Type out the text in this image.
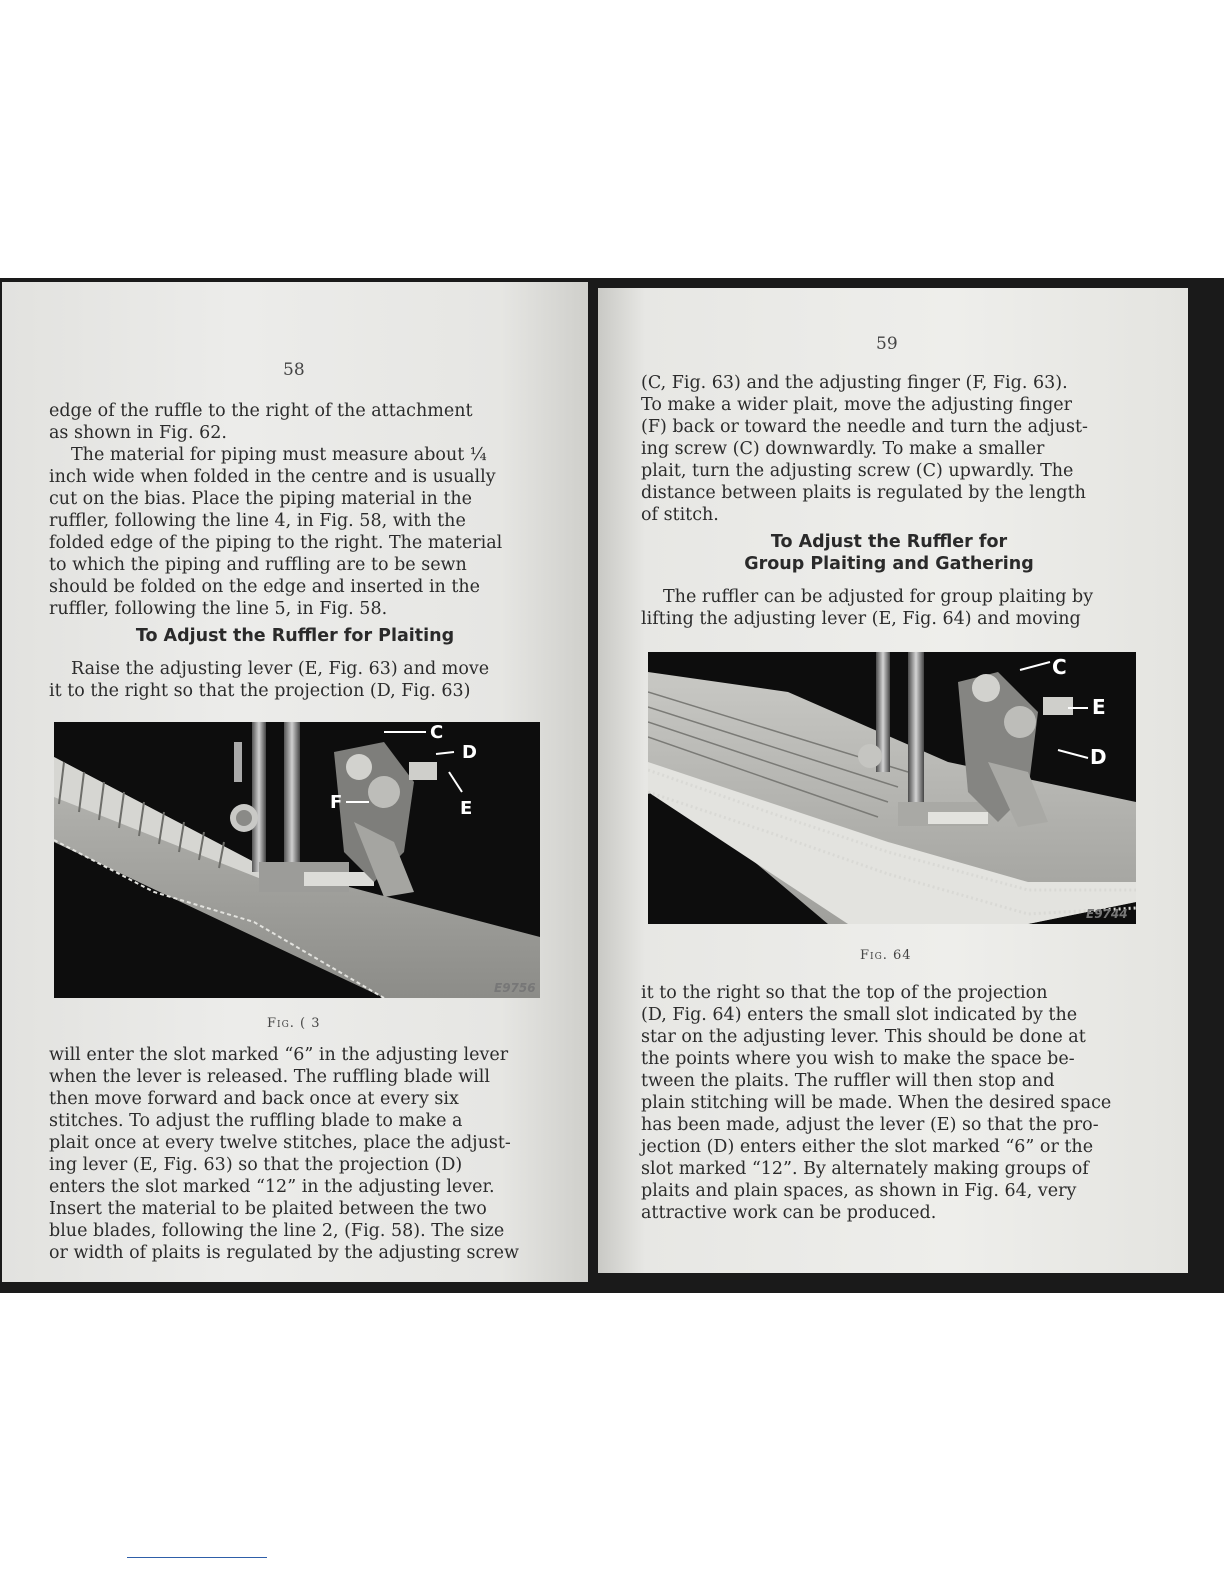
58

edge of the ruffle to the right of the attachment

as shown in Fig. 62.

The material for piping must measure about ¼

inch wide when folded in the centre and is usually

cut on the bias. Place the piping material in the

ruffler, following the line 4, in Fig. 58, with the

folded edge of the piping to the right. The material

to which the piping and ruffling are to be sewn

should be folded on the edge and inserted in the

ruffler, following the line 5, in Fig. 58.

To Adjust the Ruffler for Plaiting

Raise the adjusting lever (E, Fig. 63) and move

it to the right so that the projection (D, Fig. 63)

C
D
F	E
E9756
Fig. ( 3

will enter the slot marked “6” in the adjusting lever

when the lever is released. The ruffling blade will

then move forward and back once at every six

stitches. To adjust the ruffling blade to make a

plait once at every twelve stitches, place the adjust-

ing lever (E, Fig. 63) so that the projection (D)

enters the slot marked “12” in the adjusting lever.

Insert the material to be plaited between the two

blue blades, following the line 2, (Fig. 58). The size

or width of plaits is regulated by the adjusting screw

59

(C, Fig. 63) and the adjusting finger (F, Fig. 63).

To make a wider plait, move the adjusting finger

(F) back or toward the needle and turn the adjust-

ing screw (C) downwardly. To make a smaller

plait, turn the adjusting screw (C) upwardly. The

distance between plaits is regulated by the length

of stitch.

To Adjust the Ruffler for
Group Plaiting and Gathering

The ruffler can be adjusted for group plaiting by

lifting the adjusting lever (E, Fig. 64) and moving

C
E
D
E9744
Fig. 64

it to the right so that the top of the projection

(D, Fig. 64) enters the small slot indicated by the

star on the adjusting lever. This should be done at

the points where you wish to make the space be-

tween the plaits. The ruffler will then stop and

plain stitching will be made. When the desired space

has been made, adjust the lever (E) so that the pro-

jection (D) enters either the slot marked “6” or the

slot marked “12”. By alternately making groups of

plaits and plain spaces, as shown in Fig. 64, very

attractive work can be produced.
